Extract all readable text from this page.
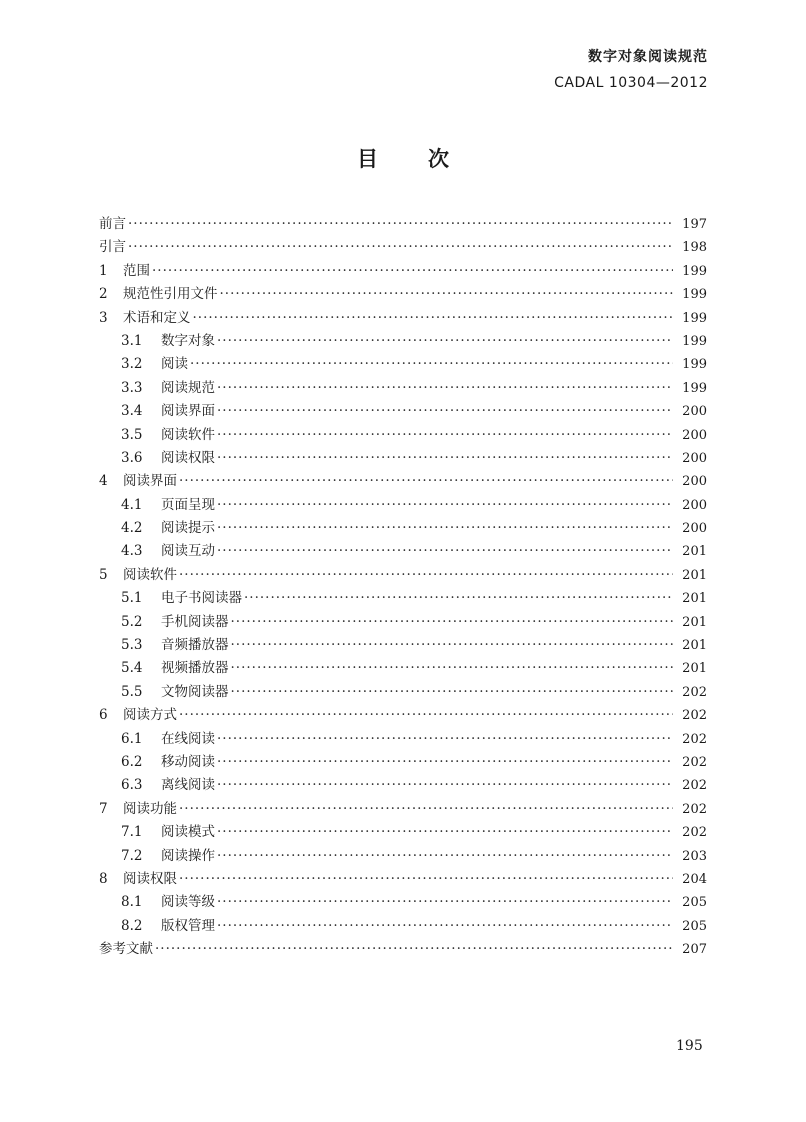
数字对象阅读规范
CADAL 10304—2012
目 次
前言 ·····	197
引言 ·····	198
1	范围 ·····	199
2	规范性引用文件 ·····	199
3	术语和定义 ·····	199
3.1	数字对象 ·····	199
3.2	阅读 ·····	199
3.3	阅读规范 ·····	199
3.4	阅读界面 ·····	200
3.5	阅读软件 ·····	200
3.6	阅读权限 ·····	200
4	阅读界面 ·····	200
4.1	页面呈现 ·····	200
4.2	阅读提示 ·····	200
4.3	阅读互动 ·····	201
5	阅读软件 ·····	201
5.1	电子书阅读器 ·····	201
5.2	手机阅读器 ·····	201
5.3	音频播放器 ·····	201
5.4	视频播放器 ·····	201
5.5	文物阅读器 ·····	202
6	阅读方式 ·····	202
6.1	在线阅读 ·····	202
6.2	移动阅读 ·····	202
6.3	离线阅读 ·····	202
7	阅读功能 ·····	202
7.1	阅读模式 ·····	202
7.2	阅读操作 ·····	203
8	阅读权限 ·····	204
8.1	阅读等级 ·····	205
8.2	版权管理 ·····	205
参考文献 ·····	207
195
